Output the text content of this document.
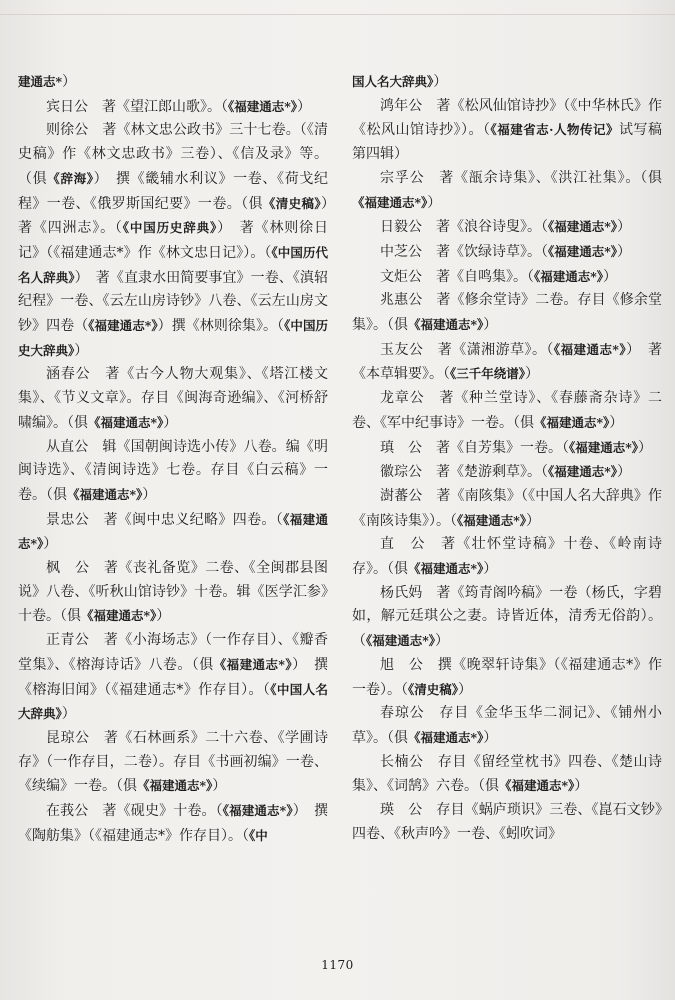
建通志*）

宾日公　著《望江郎山歌》。（《福建通志*》）

则徐公　著《林文忠公政书》三十七卷。（《清史稿》作《林文忠政书》三卷）、《信及录》等。（俱《辞海》）　撰《畿辅水利议》一卷、《荷戈纪程》一卷、《俄罗斯国纪要》一卷。（俱《清史稿》）　著《四洲志》。（《中国历史辞典》）　著《林则徐日记》（《福建通志*》作《林文忠日记》）。（《中国历代名人辞典》）　著《直隶水田简要事宜》一卷、《滇轺纪程》一卷、《云左山房诗钞》八卷、《云左山房文钞》四卷（《福建通志*》）撰《林则徐集》。（《中国历史大辞典》）

涵春公　著《古今人物大观集》、《塔江楼文集》、《节义文章》。存目《闽海奇逊编》、《河桥舒啸编》。（俱《福建通志*》）

从直公　辑《国朝闽诗选小传》八卷。编《明闽诗选》、《清闽诗选》七卷。存目《白云稿》一卷。（俱《福建通志*》）

景忠公　著《闽中忠义纪略》四卷。（《福建通志*》）

枫　公　著《丧礼备览》二卷、《全闽郡县图说》八卷、《听秋山馆诗钞》十卷。辑《医学汇参》十卷。（俱《福建通志*》）

正青公　著《小海场志》（一作存目）、《瓣香堂集》、《榕海诗话》八卷。（俱《福建通志*》）　撰《榕海旧闻》（《福建通志*》作存目）。（《中国人名大辞典》）

昆琼公　著《石林画系》二十六卷、《学圃诗存》（一作存目，二卷）。存目《书画初编》一卷、《续编》一卷。（俱《福建通志*》）

在莪公　著《砚史》十卷。（《福建通志*》）　撰《陶舫集》（《福建通志*》作存目）。（《中

国人名大辞典》）

鸿年公　著《松风仙馆诗抄》（《中华林氏》作《松风山馆诗抄》）。（《福建省志·人物传记》试写稿第四辑）

宗孚公　著《瓿余诗集》、《洪江社集》。（俱《福建通志*》）

日毅公　著《浪谷诗叟》。（《福建通志*》）

中芝公　著《饮绿诗草》。（《福建通志*》）

文炬公　著《自鸣集》。（《福建通志*》）

兆惠公　著《修余堂诗》二卷。存目《修余堂集》。（俱《福建通志*》）

玉友公　著《潇湘游草》。（《福建通志*》）　著《本草辑要》。（《三千年绕谱》）

龙章公　著《种兰堂诗》、《春藤斋杂诗》二卷、《军中纪事诗》一卷。（俱《福建通志*》）

瑱　公　著《自芳集》一卷。（《福建通志*》）

徽琮公　著《楚游剩草》。（《福建通志*》）

澍蕃公　著《南陔集》（《中国人名大辞典》作《南陔诗集》）。（《福建通志*》）

直　公　著《壮怀堂诗稿》十卷、《岭南诗存》。（俱《福建通志*》）

杨氏妈　著《筠青阁吟稿》一卷（杨氏，字碧如，解元廷琪公之妻。诗皆近体，清秀无俗韵）。（《福建通志*》）

旭　公　撰《晚翠轩诗集》（《福建通志*》作一卷）。（《清史稿》）

春琼公　存目《金华玉华二洞记》、《铺州小草》。（俱《福建通志*》）

长楠公　存目《留经堂枕书》四卷、《楚山诗集》、《词鹄》六卷。（俱《福建通志*》）

瑛　公　存目《蜗庐琐识》三卷、《崑石文钞》四卷、《秋声吟》一卷、《蚓吹词》

1170
